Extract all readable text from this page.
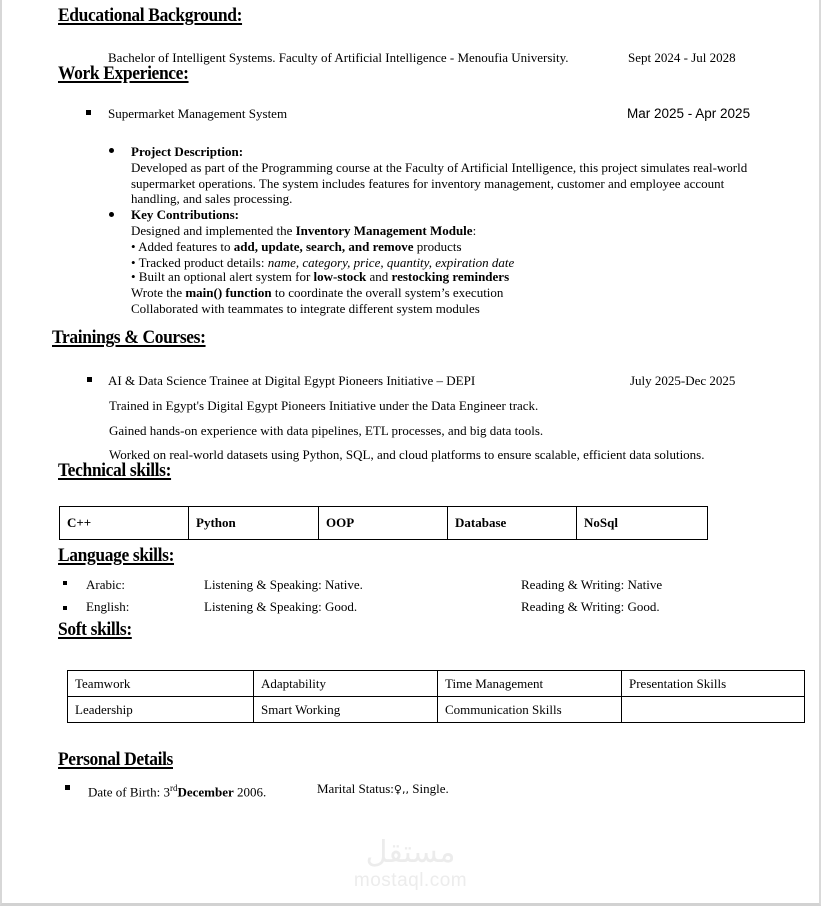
Educational Background:
Bachelor of Intelligent Systems. Faculty of Artificial Intelligence - Menoufia University.	Sept 2024 - Jul 2028
Work Experience:
Supermarket Management System	Mar 2025 - Apr 2025
Project Description:
Developed as part of the Programming course at the Faculty of Artificial Intelligence, this project simulates real-world
supermarket operations. The system includes features for inventory management, customer and employee account
handling, and sales processing.
Key Contributions:
Designed and implemented the Inventory Management Module:
• Added features to add, update, search, and remove products
• Tracked product details: name, category, price, quantity, expiration date
• Built an optional alert system for low-stock and restocking reminders
Wrote the main() function to coordinate the overall system’s execution
Collaborated with teammates to integrate different system modules
Trainings & Courses:
AI & Data Science Trainee at Digital Egypt Pioneers Initiative – DEPI	July 2025-Dec 2025
Trained in Egypt's Digital Egypt Pioneers Initiative under the Data Engineer track.
Gained hands-on experience with data pipelines, ETL processes, and big data tools.
Worked on real-world datasets using Python, SQL, and cloud platforms to ensure scalable, efficient data solutions.
Technical skills:
C++	Python	OOP	Database	NoSql
Language skills:
Arabic:	Listening & Speaking: Native.	Reading & Writing: Native
English:	Listening & Speaking: Good.	Reading & Writing: Good.
Soft skills:
Teamwork	Adaptability	Time Management	Presentation Skills
Leadership	Smart Working	Communication Skills	
Personal Details
Date of Birth: 3rdDecember 2006.	Marital Status:♀,, Single.
مستقل
mostaql.com
